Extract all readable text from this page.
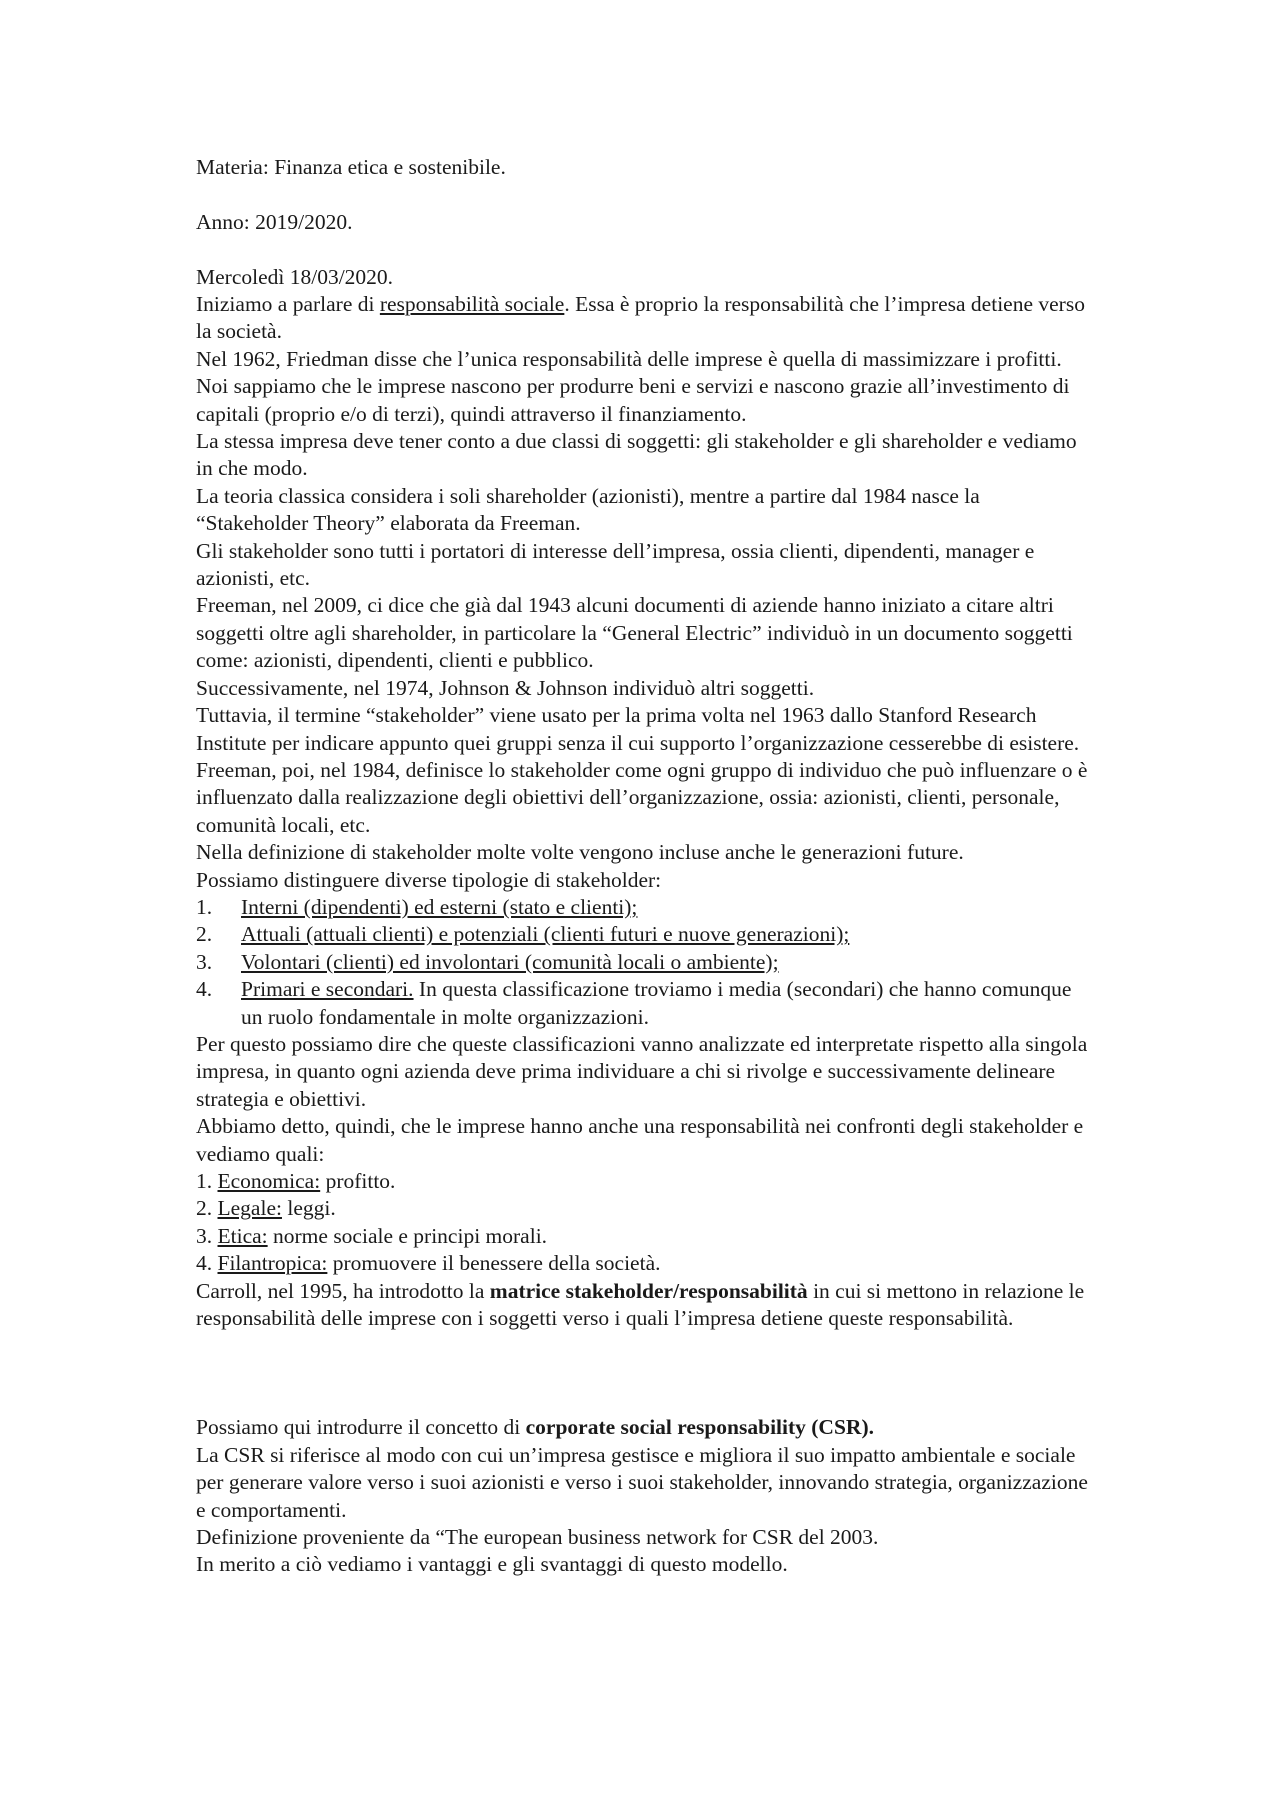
Materia: Finanza etica e sostenibile.

Anno: 2019/2020.

Mercoledì 18/03/2020.

Iniziamo a parlare di responsabilità sociale. Essa è proprio la responsabilità che l’impresa detiene verso la società.

Nel 1962, Friedman disse che l’unica responsabilità delle imprese è quella di massimizzare i profitti.

Noi sappiamo che le imprese nascono per produrre beni e servizi e nascono grazie all’investimento di capitali (proprio e/o di terzi), quindi attraverso il finanziamento.

La stessa impresa deve tener conto a due classi di soggetti: gli stakeholder e gli shareholder e vediamo in che modo.

La teoria classica considera i soli shareholder (azionisti), mentre a partire dal 1984 nasce la “Stakeholder Theory” elaborata da Freeman.

Gli stakeholder sono tutti i portatori di interesse dell’impresa, ossia clienti, dipendenti, manager e azionisti, etc.

Freeman, nel 2009, ci dice che già dal 1943 alcuni documenti di aziende hanno iniziato a citare altri soggetti oltre agli shareholder, in particolare la “General Electric” individuò in un documento soggetti come: azionisti, dipendenti, clienti e pubblico.

Successivamente, nel 1974, Johnson & Johnson individuò altri soggetti.

Tuttavia, il termine “stakeholder” viene usato per la prima volta nel 1963 dallo Stanford Research Institute per indicare appunto quei gruppi senza il cui supporto l’organizzazione cesserebbe di esistere.

Freeman, poi, nel 1984, definisce lo stakeholder come ogni gruppo di individuo che può influenzare o è influenzato dalla realizzazione degli obiettivi dell’organizzazione, ossia: azionisti, clienti, personale, comunità locali, etc.

Nella definizione di stakeholder molte volte vengono incluse anche le generazioni future.

Possiamo distinguere diverse tipologie di stakeholder:

1.	Interni (dipendenti) ed esterni (stato e clienti);
2.	Attuali (attuali clienti) e potenziali (clienti futuri e nuove generazioni);
3.	Volontari (clienti) ed involontari (comunità locali o ambiente);
4.	Primari e secondari. In questa classificazione troviamo i media (secondari) che hanno comunque un ruolo fondamentale in molte organizzazioni.

Per questo possiamo dire che queste classificazioni vanno analizzate ed interpretate rispetto alla singola impresa, in quanto ogni azienda deve prima individuare a chi si rivolge e successivamente delineare strategia e obiettivi.

Abbiamo detto, quindi, che le imprese hanno anche una responsabilità nei confronti degli stakeholder e vediamo quali:

1. Economica: profitto.

2. Legale: leggi.

3. Etica: norme sociale e principi morali.

4. Filantropica: promuovere il benessere della società.

Carroll, nel 1995, ha introdotto la matrice stakeholder/responsabilità in cui si mettono in relazione le responsabilità delle imprese con i soggetti verso i quali l’impresa detiene queste responsabilità.

Possiamo qui introdurre il concetto di corporate social responsability (CSR).

La CSR si riferisce al modo con cui un’impresa gestisce e migliora il suo impatto ambientale e sociale per generare valore verso i suoi azionisti e verso i suoi stakeholder, innovando strategia, organizzazione e comportamenti.

Definizione proveniente da “The european business network for CSR del 2003.

In merito a ciò vediamo i vantaggi e gli svantaggi di questo modello.
